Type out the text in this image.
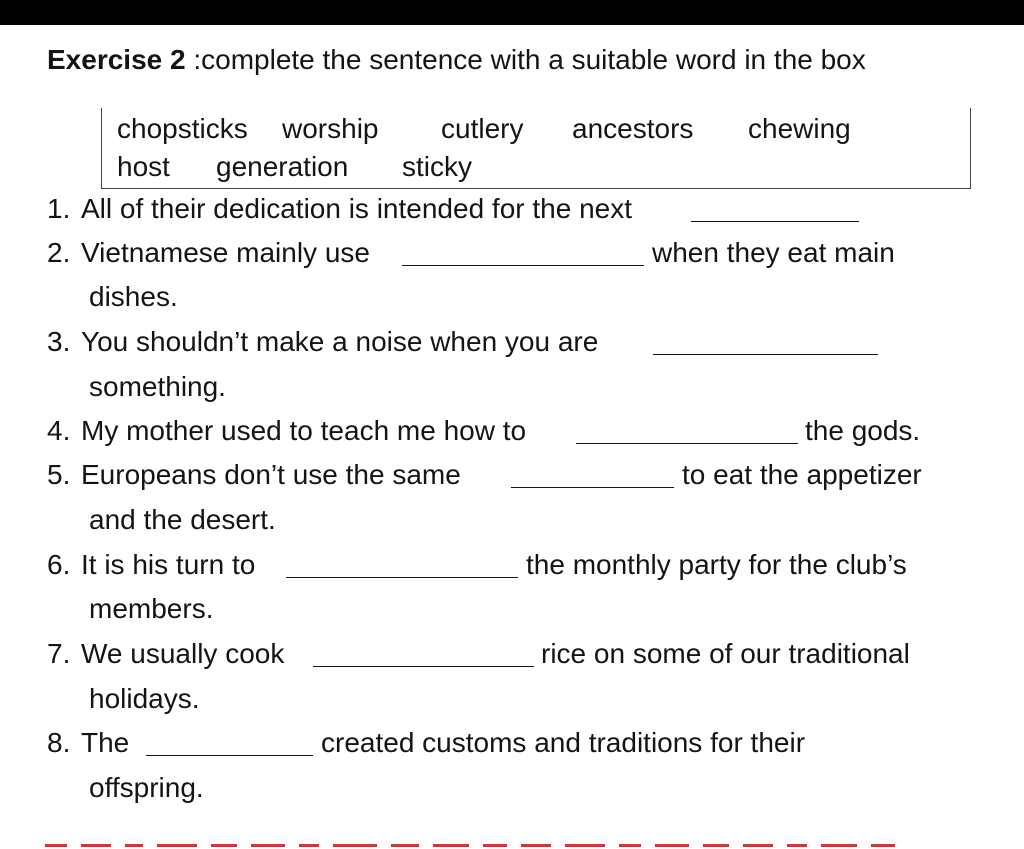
Exercise 2 :complete the sentence with a suitable word in the box
chopsticks worship cutlery ancestors chewing
host generation sticky
1. All of their dedication is intended for the next
2. Vietnamese mainly use	when they eat main
dishes.
3. You shouldn’t make a noise when you are
something.
4. My mother used to teach me how to	the gods.
5. Europeans don’t use the same	to eat the appetizer
and the desert.
6. It is his turn to	the monthly party for the club’s
members.
7. We usually cook	rice on some of our traditional
holidays.
8. The	created customs and traditions for their
offspring.
